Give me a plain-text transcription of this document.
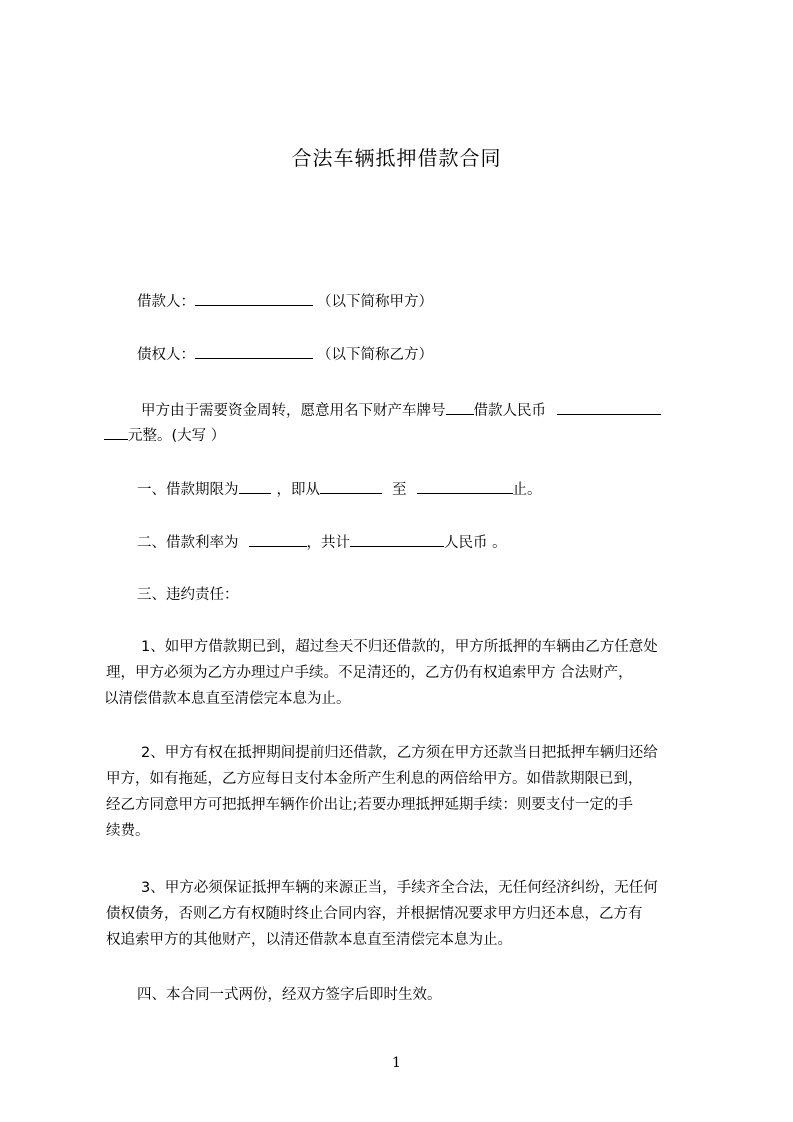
合法车辆抵押借款合同
借款人：	（以下简称甲方）
债权人：	（以下简称乙方）
甲方由于需要资金周转，愿意用名下财产车牌号 借款人民币
元整。(大写 ）
一、借款期限为	，即从	至	止。
二、借款利率为	，共计	人民币 。
三、违约责任：
1、如甲方借款期已到，超过叁天不归还借款的，甲方所抵押的车辆由乙方任意处
理，甲方必须为乙方办理过户手续。不足清还的，乙方仍有权追索甲方 合法财产，
以清偿借款本息直至清偿完本息为止。
2、甲方有权在抵押期间提前归还借款，乙方须在甲方还款当日把抵押车辆归还给
甲方，如有拖延，乙方应每日支付本金所产生利息的两倍给甲方。如借款期限已到，
经乙方同意甲方可把抵押车辆作价出让;若要办理抵押延期手续：则要支付一定的手
续费。
3、甲方必须保证抵押车辆的来源正当，手续齐全合法，无任何经济纠纷，无任何
债权债务，否则乙方有权随时终止合同内容，并根据情况要求甲方归还本息，乙方有
权追索甲方的其他财产，以清还借款本息直至清偿完本息为止。
四、本合同一式两份，经双方签字后即时生效。
1
